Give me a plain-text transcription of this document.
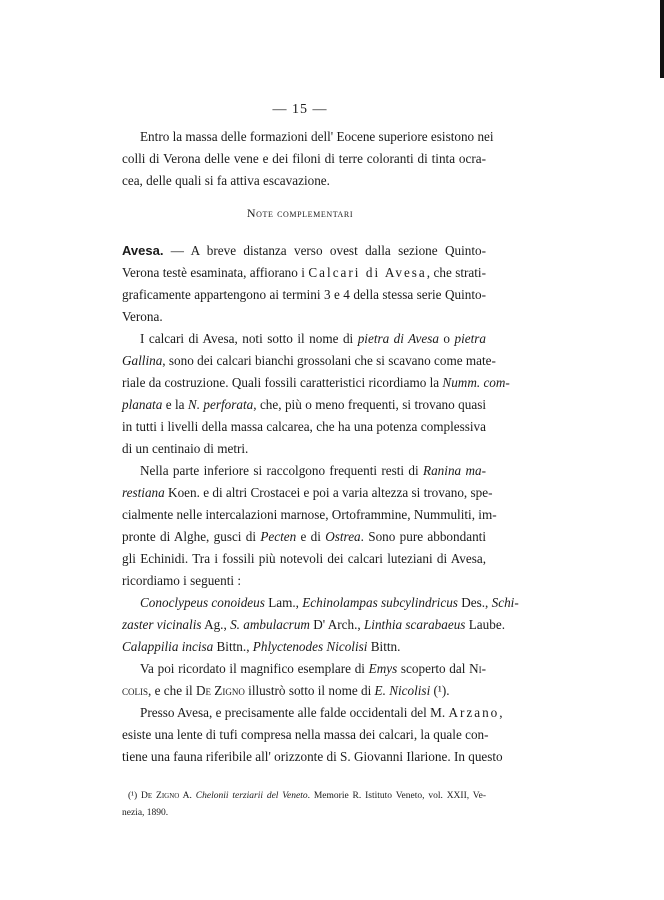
— 15 —
Entro la massa delle formazioni dell' Eocene superiore esistono nei
colli di Verona delle vene e dei filoni di terre coloranti di tinta ocra-
cea, delle quali si fa attiva escavazione.
Note complementari
Avesa. — A breve distanza verso ovest dalla sezione Quinto-
Verona testè esaminata, affiorano i Calcari di Avesa, che strati-
graficamente appartengono ai termini 3 e 4 della stessa serie Quinto-
Verona.
I calcari di Avesa, noti sotto il nome di pietra di Avesa o pietra
Gallina, sono dei calcari bianchi grossolani che si scavano come mate-
riale da costruzione. Quali fossili caratteristici ricordiamo la Numm. com-
planata e la N. perforata, che, più o meno frequenti, si trovano quasi
in tutti i livelli della massa calcarea, che ha una potenza complessiva
di un centinaio di metri.
Nella parte inferiore si raccolgono frequenti resti di Ranina ma-
restiana Koen. e di altri Crostacei e poi a varia altezza si trovano, spe-
cialmente nelle intercalazioni marnose, Ortoframmine, Nummuliti, im-
pronte di Alghe, gusci di Pecten e di Ostrea. Sono pure abbondanti
gli Echinidi. Tra i fossili più notevoli dei calcari luteziani di Avesa,
ricordiamo i seguenti :
Conoclypeus conoideus Lam., Echinolampas subcylindricus Des., Schi-
zaster vicinalis Ag., S. ambulacrum D' Arch., Linthia scarabaeus Laube.
Calappilia incisa Bittn., Phlyctenodes Nicolisi Bittn.
Va poi ricordato il magnifico esemplare di Emys scoperto dal Ni-
colis, e che il De Zigno illustrò sotto il nome di E. Nicolisi (¹).
Presso Avesa, e precisamente alle falde occidentali del M. Arzano,
esiste una lente di tufi compresa nella massa dei calcari, la quale con-
tiene una fauna riferibile all' orizzonte di S. Giovanni Ilarione. In questo
(¹) De Zigno A. Chelonii terziarii del Veneto. Memorie R. Istituto Veneto, vol. XXII, Ve-
nezia, 1890.
